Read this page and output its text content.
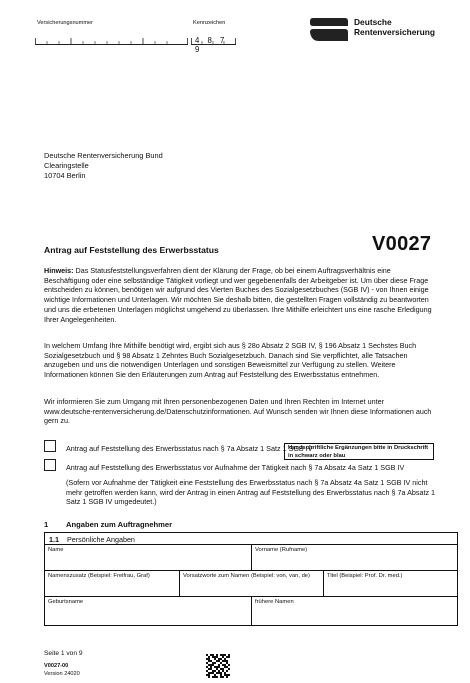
Versicherungsnummer	Kennzeichen
4 8 7 9
Deutsche
Rentenversicherung
Deutsche Rentenversicherung Bund
Clearingstelle
10704 Berlin
Antrag auf Feststellung des Erwerbsstatus	V0027
Hinweis: Das Statusfeststellungsverfahren dient der Klärung der Frage, ob bei einem Auftragsverhältnis eine Beschäftigung oder eine selbständige Tätigkeit vorliegt und wer gegebenenfalls der Arbeitgeber ist. Um über diese Frage entscheiden zu können, benötigen wir aufgrund des Vierten Buches des Sozialgesetzbuches (SGB IV) - von Ihnen einige wichtige Informationen und Unterlagen. Wir möchten Sie deshalb bitten, die gestellten Fragen vollständig zu beantworten und uns die erbetenen Unterlagen möglichst umgehend zu überlassen. Ihre Mithilfe erleichtert uns eine rasche Erledigung Ihrer Angelegenheiten.
In welchem Umfang Ihre Mithilfe benötigt wird, ergibt sich aus § 28o Absatz 2 SGB IV, § 196 Absatz 1 Sechstes Buch Sozialgesetzbuch und § 98 Absatz 1 Zehntes Buch Sozialgesetzbuch. Danach sind Sie verpflichtet, alle Tatsachen anzugeben und uns die notwendigen Unterlagen und sonstigen Beweismittel zur Verfügung zu stellen. Weitere Informationen können Sie den Erläuterungen zum Antrag auf Feststellung des Erwerbsstatus entnehmen.
Wir informieren Sie zum Umgang mit Ihren personenbezogenen Daten und Ihren Rechten im Internet unter www.deutsche-rentenversicherung.de/Datenschutzinformationen. Auf Wunsch senden wir Ihnen diese Informationen auch gern zu.
Handschriftliche Ergänzungen bitte in Druckschrift in schwarz oder blau
Antrag auf Feststellung des Erwerbsstatus nach § 7a Absatz 1 Satz 1 SGB IV
Antrag auf Feststellung des Erwerbsstatus vor Aufnahme der Tätigkeit nach § 7a Absatz 4a Satz 1 SGB IV
(Sofern vor Aufnahme der Tätigkeit eine Feststellung des Erwerbsstatus nach § 7a Absatz 4a Satz 1 SGB IV nicht mehr getroffen werden kann, wird der Antrag in einen Antrag auf Feststellung des Erwerbsstatus nach § 7a Absatz 1 Satz 1 SGB IV umgedeutet.)
1 Angaben zum Auftragnehmer
1.1 Persönliche Angaben
Name	Vorname (Rufname)
Namenszusatz (Beispiel: Freifrau, Graf)	Vorsatzworte zum Namen (Beispiel: von, van, de)	Titel (Beispiel: Prof. Dr. med.)
Geburtsname	frühere Namen
Seite 1 von 9
V0027-00
Version 24020
